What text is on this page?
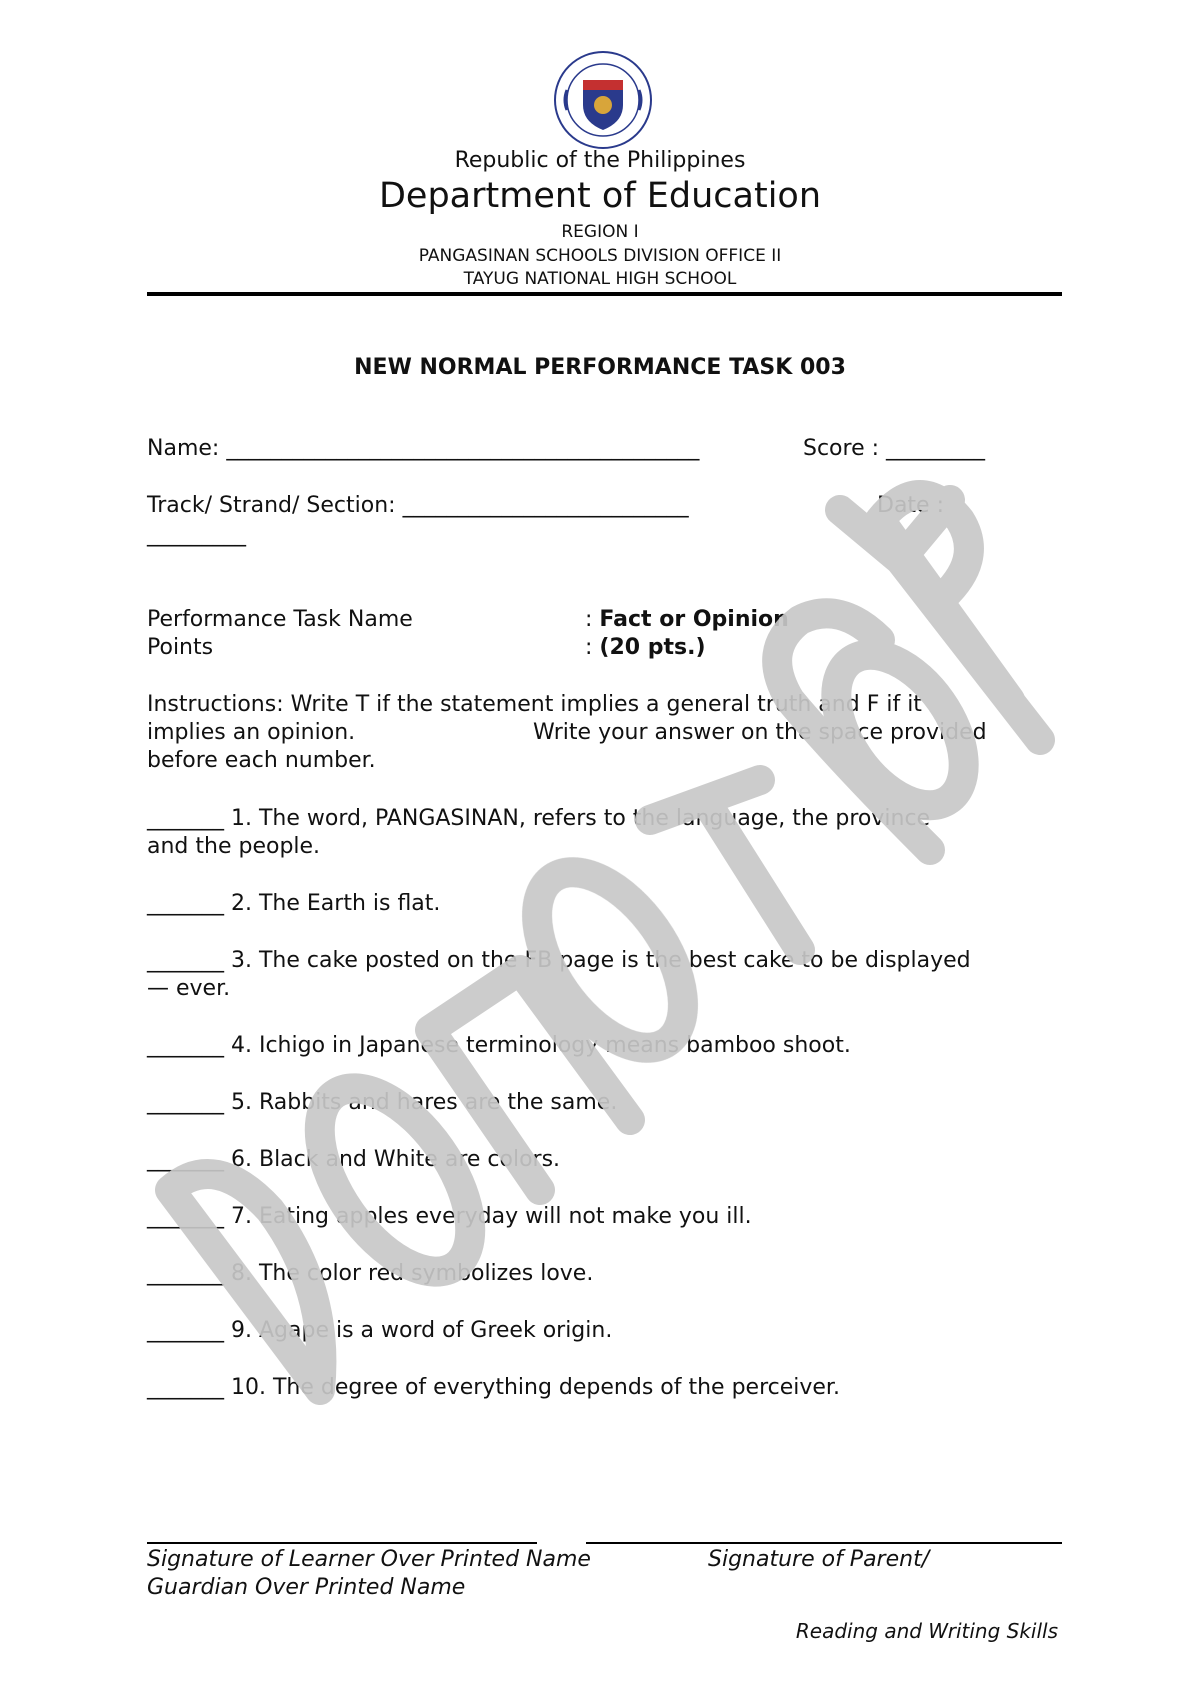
Republic of the Philippines
Department of Education
REGION I
PANGASINAN SCHOOLS DIVISION OFFICE II
TAYUG NATIONAL HIGH SCHOOL
NEW NORMAL PERFORMANCE TASK 003
Name: ___________________________________________	Score : _________
Track/ Strand/ Section: __________________________	Date :
_________
Performance Task Name	: Fact or Opinion
Points	: (20 pts.)
Instructions: Write T if the statement implies a general truth and F if it
implies an opinion.	Write your answer on the space provided
before each number.
_______ 1. The word, PANGASINAN, refers to the language, the province
and the people.
_______ 2. The Earth is flat.
_______ 3. The cake posted on the FB page is the best cake to be displayed
— ever.
_______ 4. Ichigo in Japanese terminology means bamboo shoot.
_______ 5. Rabbits and hares are the same.
_______ 6. Black and White are colors.
_______ 7. Eating apples everyday will not make you ill.
_______ 8. The color red symbolizes love.
_______ 9. Agape is a word of Greek origin.
_______ 10. The degree of everything depends of the perceiver.
Signature of Learner Over Printed Name	Signature of Parent/
Guardian Over Printed Name
Reading and Writing Skills
